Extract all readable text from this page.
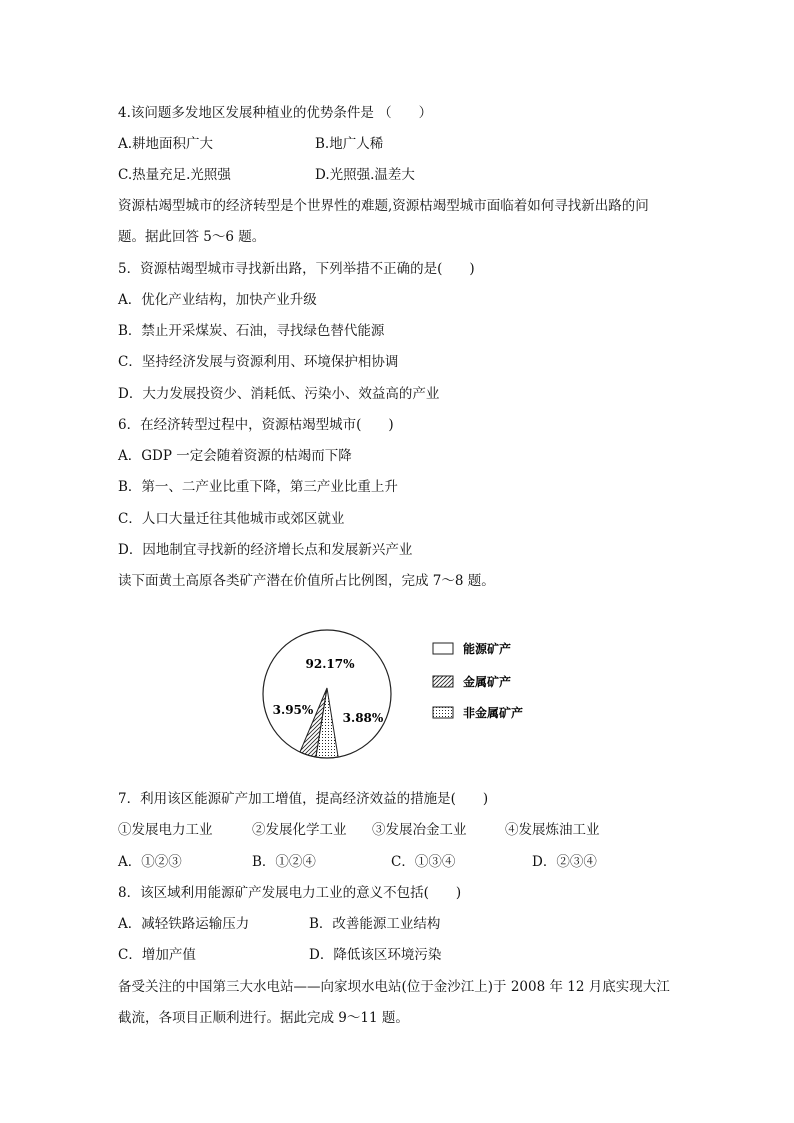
4.该问题多发地区发展种植业的优势条件是 （　　）
A.耕地面积广大	B.地广人稀
C.热量充足.光照强	D.光照强.温差大
资源枯竭型城市的经济转型是个世界性的难题,资源枯竭型城市面临着如何寻找新出路的问
题。据此回答 5～6 题。
5．资源枯竭型城市寻找新出路，下列举措不正确的是(　　)
A．优化产业结构，加快产业升级
B．禁止开采煤炭、石油，寻找绿色替代能源
C．坚持经济发展与资源利用、环境保护相协调
D．大力发展投资少、消耗低、污染小、效益高的产业
6．在经济转型过程中，资源枯竭型城市(　　)
A．GDP 一定会随着资源的枯竭而下降
B．第一、二产业比重下降，第三产业比重上升
C．人口大量迁往其他城市或郊区就业
D．因地制宜寻找新的经济增长点和发展新兴产业
读下面黄土高原各类矿产潜在价值所占比例图，完成 7～8 题。
92.17%
3.95%
3.88%
能源矿产
金属矿产
非金属矿产
7．利用该区能源矿产加工增值，提高经济效益的措施是(　　)
①发展电力工业	②发展化学工业 ③发展冶金工业	④发展炼油工业
A．①②③	B．①②④	C．①③④	D．②③④
8．该区域利用能源矿产发展电力工业的意义不包括(　　)
A．减轻铁路运输压力	B．改善能源工业结构
C．增加产值	D．降低该区环境污染
备受关注的中国第三大水电站——向家坝水电站(位于金沙江上)于 2008 年 12 月底实现大江
截流，各项目正顺利进行。据此完成 9～11 题。
